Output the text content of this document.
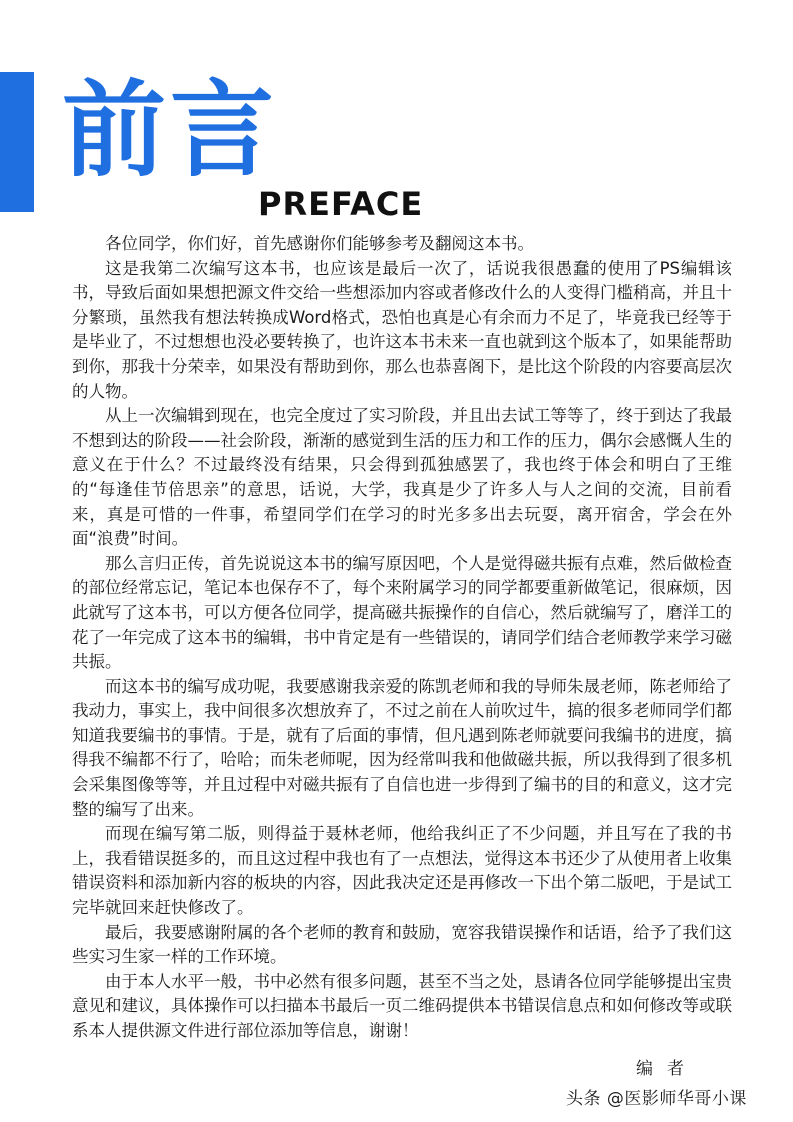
前言
PREFACE

各位同学，你们好，首先感谢你们能够参考及翻阅这本书。

这是我第二次编写这本书，也应该是最后一次了，话说我很愚蠢的使用了PS编辑该书，导致后面如果想把源文件交给一些想添加内容或者修改什么的人变得门槛稍高，并且十分繁琐，虽然我有想法转换成Word格式，恐怕也真是心有余而力不足了，毕竟我已经等于是毕业了，不过想想也没必要转换了，也许这本书未来一直也就到这个版本了，如果能帮助到你，那我十分荣幸，如果没有帮助到你，那么也恭喜阁下，是比这个阶段的内容要高层次的人物。

从上一次编辑到现在，也完全度过了实习阶段，并且出去试工等等了，终于到达了我最不想到达的阶段——社会阶段，渐渐的感觉到生活的压力和工作的压力，偶尔会感慨人生的意义在于什么？不过最终没有结果，只会得到孤独感罢了，我也终于体会和明白了王维的“每逢佳节倍思亲”的意思，话说，大学，我真是少了许多人与人之间的交流，目前看来，真是可惜的一件事，希望同学们在学习的时光多多出去玩耍，离开宿舍，学会在外面“浪费”时间。

那么言归正传，首先说说这本书的编写原因吧，个人是觉得磁共振有点难，然后做检查的部位经常忘记，笔记本也保存不了，每个来附属学习的同学都要重新做笔记，很麻烦，因此就写了这本书，可以方便各位同学，提高磁共振操作的自信心，然后就编写了，磨洋工的花了一年完成了这本书的编辑，书中肯定是有一些错误的，请同学们结合老师教学来学习磁共振。

而这本书的编写成功呢，我要感谢我亲爱的陈凯老师和我的导师朱晟老师，陈老师给了我动力，事实上，我中间很多次想放弃了，不过之前在人前吹过牛，搞的很多老师同学们都知道我要编书的事情。于是，就有了后面的事情，但凡遇到陈老师就要问我编书的进度，搞得我不编都不行了，哈哈；而朱老师呢，因为经常叫我和他做磁共振，所以我得到了很多机会采集图像等等，并且过程中对磁共振有了自信也进一步得到了编书的目的和意义，这才完整的编写了出来。

而现在编写第二版，则得益于聂林老师，他给我纠正了不少问题，并且写在了我的书上，我看错误挺多的，而且这过程中我也有了一点想法，觉得这本书还少了从使用者上收集错误资料和添加新内容的板块的内容，因此我决定还是再修改一下出个第二版吧，于是试工完毕就回来赶快修改了。

最后，我要感谢附属的各个老师的教育和鼓励，宽容我错误操作和话语，给予了我们这些实习生家一样的工作环境。

由于本人水平一般，书中必然有很多问题，甚至不当之处，恳请各位同学能够提出宝贵意见和建议，具体操作可以扫描本书最后一页二维码提供本书错误信息点和如何修改等或联系本人提供源文件进行部位添加等信息，谢谢！

编者
头条 @医影师华哥小课
